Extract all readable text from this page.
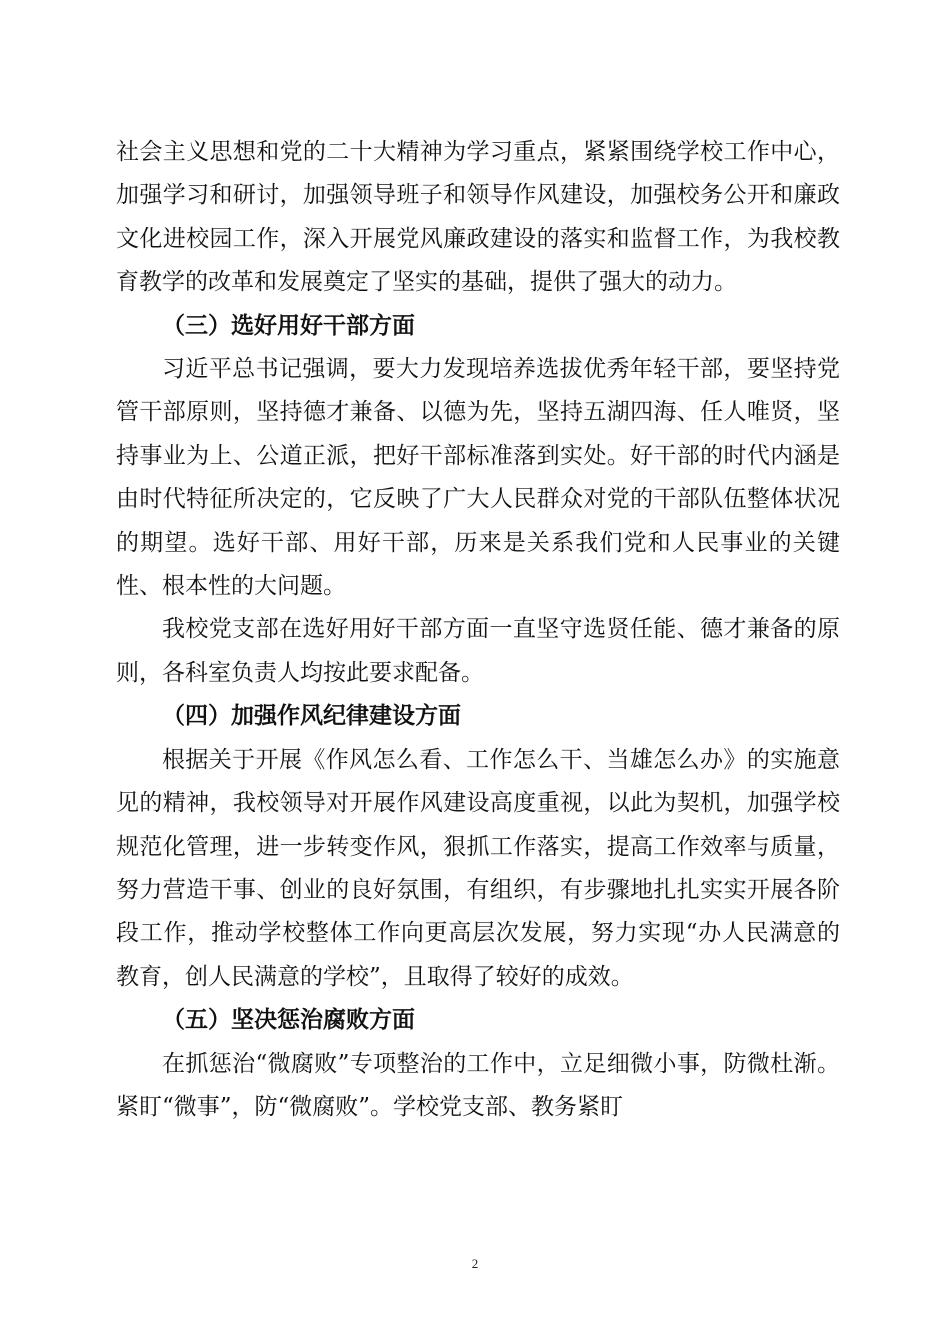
社会主义思想和党的二十大精神为学习重点，紧紧围绕学校工作中心，加强学习和研讨，加强领导班子和领导作风建设，加强校务公开和廉政文化进校园工作，深入开展党风廉政建设的落实和监督工作，为我校教育教学的改革和发展奠定了坚实的基础，提供了强大的动力。

（三）选好用好干部方面

习近平总书记强调，要大力发现培养选拔优秀年轻干部，要坚持党管干部原则，坚持德才兼备、以德为先，坚持五湖四海、任人唯贤，坚持事业为上、公道正派，把好干部标准落到实处。好干部的时代内涵是由时代特征所决定的，它反映了广大人民群众对党的干部队伍整体状况的期望。选好干部、用好干部，历来是关系我们党和人民事业的关键性、根本性的大问题。

我校党支部在选好用好干部方面一直坚守选贤任能、德才兼备的原则，各科室负责人均按此要求配备。

（四）加强作风纪律建设方面

根据关于开展《作风怎么看、工作怎么干、当雄怎么办》的实施意见的精神，我校领导对开展作风建设高度重视，以此为契机，加强学校规范化管理，进一步转变作风，狠抓工作落实，提高工作效率与质量，努力营造干事、创业的良好氛围，有组织，有步骤地扎扎实实开展各阶段工作，推动学校整体工作向更高层次发展，努力实现“办人民满意的教育，创人民满意的学校”，且取得了较好的成效。

（五）坚决惩治腐败方面

在抓惩治“微腐败”专项整治的工作中，立足细微小事，防微杜渐。紧盯“微事”，防“微腐败”。学校党支部、教务紧盯

2
